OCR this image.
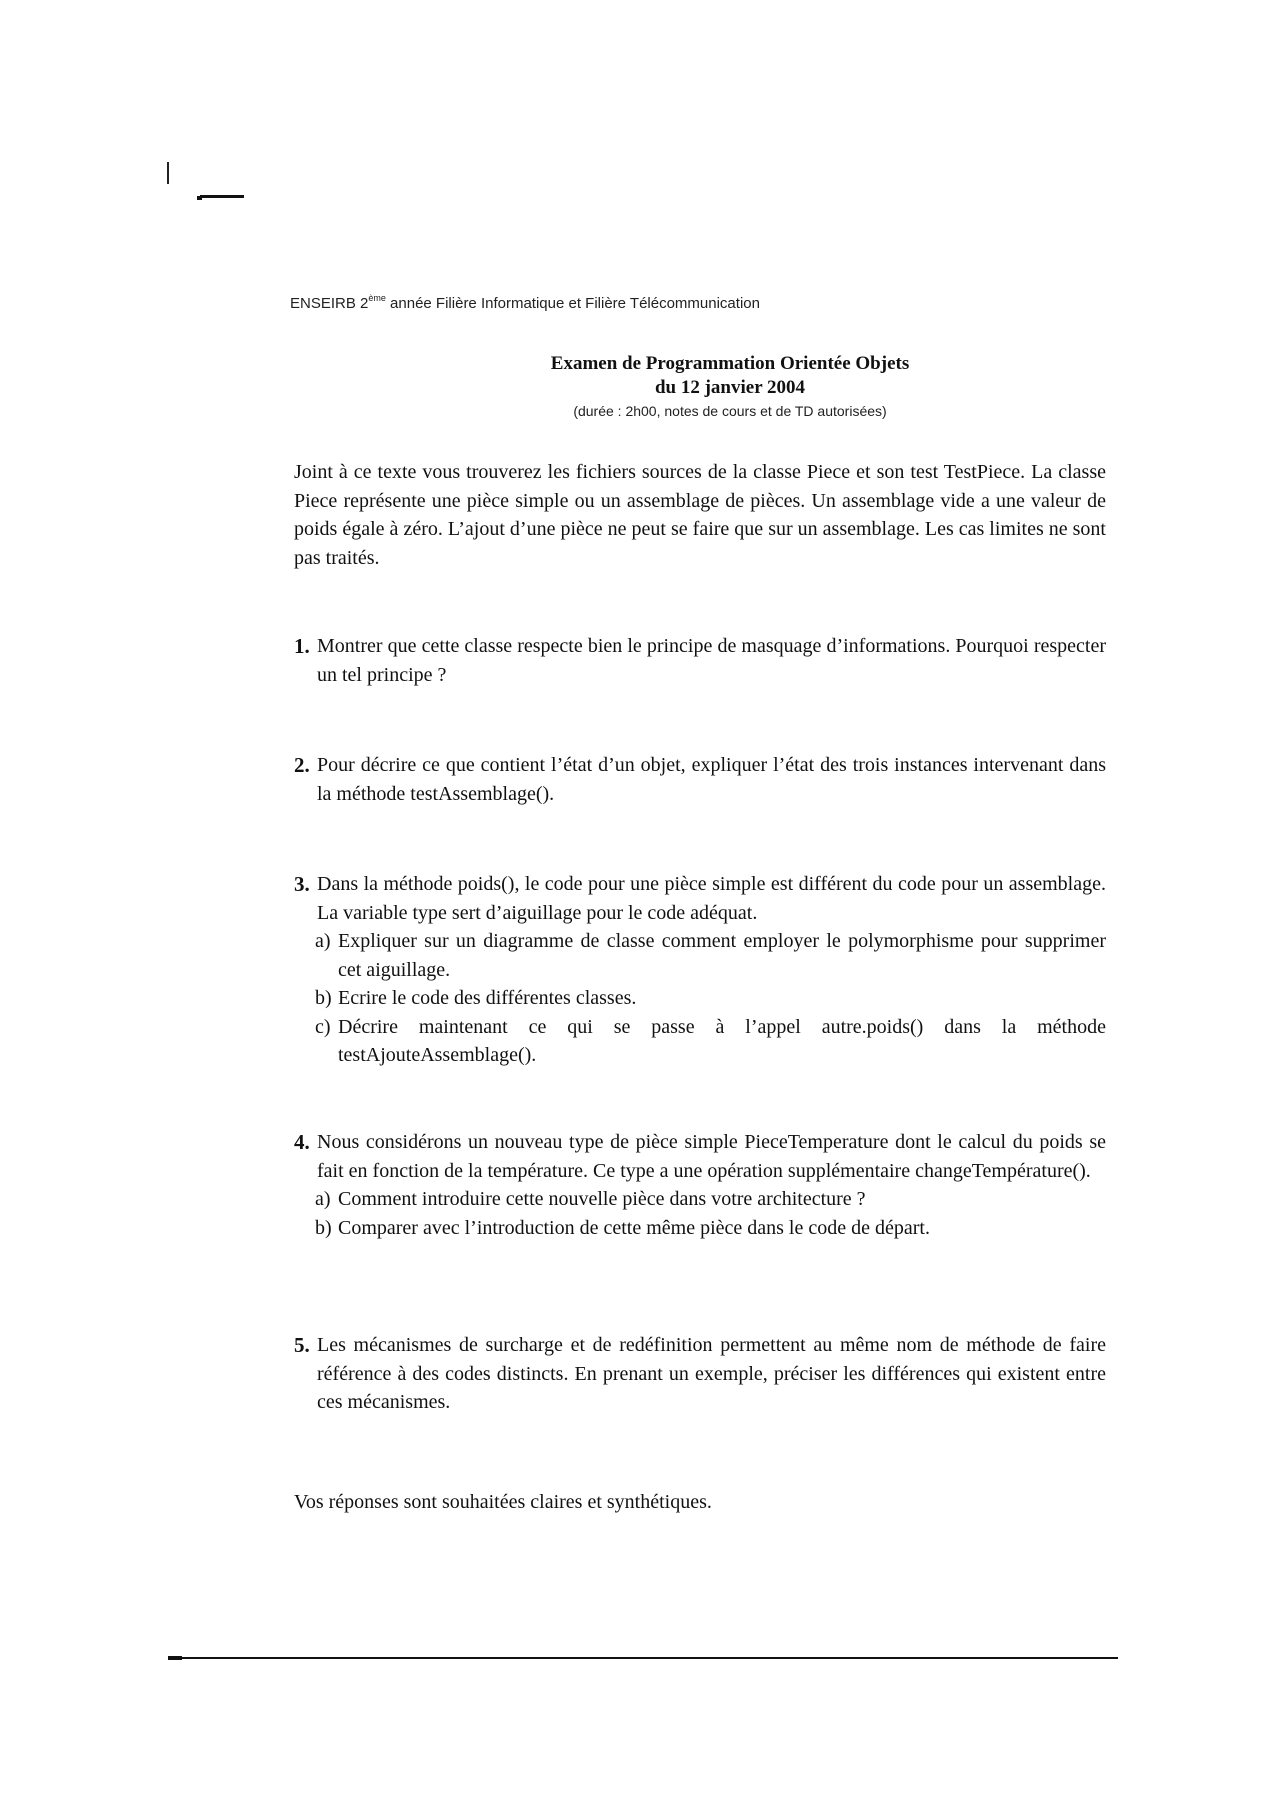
ENSEIRB 2ème année Filière Informatique et Filière Télécommunication
Examen de Programmation Orientée Objets
du 12 janvier 2004
(durée : 2h00, notes de cours et de TD autorisées)
Joint à ce texte vous trouverez les fichiers sources de la classe Piece et son test TestPiece. La classe Piece représente une pièce simple ou un assemblage de pièces. Un assemblage vide a une valeur de poids égale à zéro. L’ajout d’une pièce ne peut se faire que sur un assemblage. Les cas limites ne sont pas traités.
1. Montrer que cette classe respecte bien le principe de masquage d’informations. Pourquoi respecter un tel principe ?
2. Pour décrire ce que contient l’état d’un objet, expliquer l’état des trois instances intervenant dans la méthode testAssemblage().
3. Dans la méthode poids(), le code pour une pièce simple est différent du code pour un assemblage. La variable type sert d’aiguillage pour le code adéquat.
a) Expliquer sur un diagramme de classe comment employer le polymorphisme pour supprimer cet aiguillage.
b) Ecrire le code des différentes classes.
c) Décrire maintenant ce qui se passe à l’appel autre.poids() dans la méthode testAjouteAssemblage().
4. Nous considérons un nouveau type de pièce simple PieceTemperature dont le calcul du poids se fait en fonction de la température. Ce type a une opération supplémentaire changeTempérature().
a) Comment introduire cette nouvelle pièce dans votre architecture ?
b) Comparer avec l’introduction de cette même pièce dans le code de départ.
5. Les mécanismes de surcharge et de redéfinition permettent au même nom de méthode de faire référence à des codes distincts. En prenant un exemple, préciser les différences qui existent entre ces mécanismes.
Vos réponses sont souhaitées claires et synthétiques.
